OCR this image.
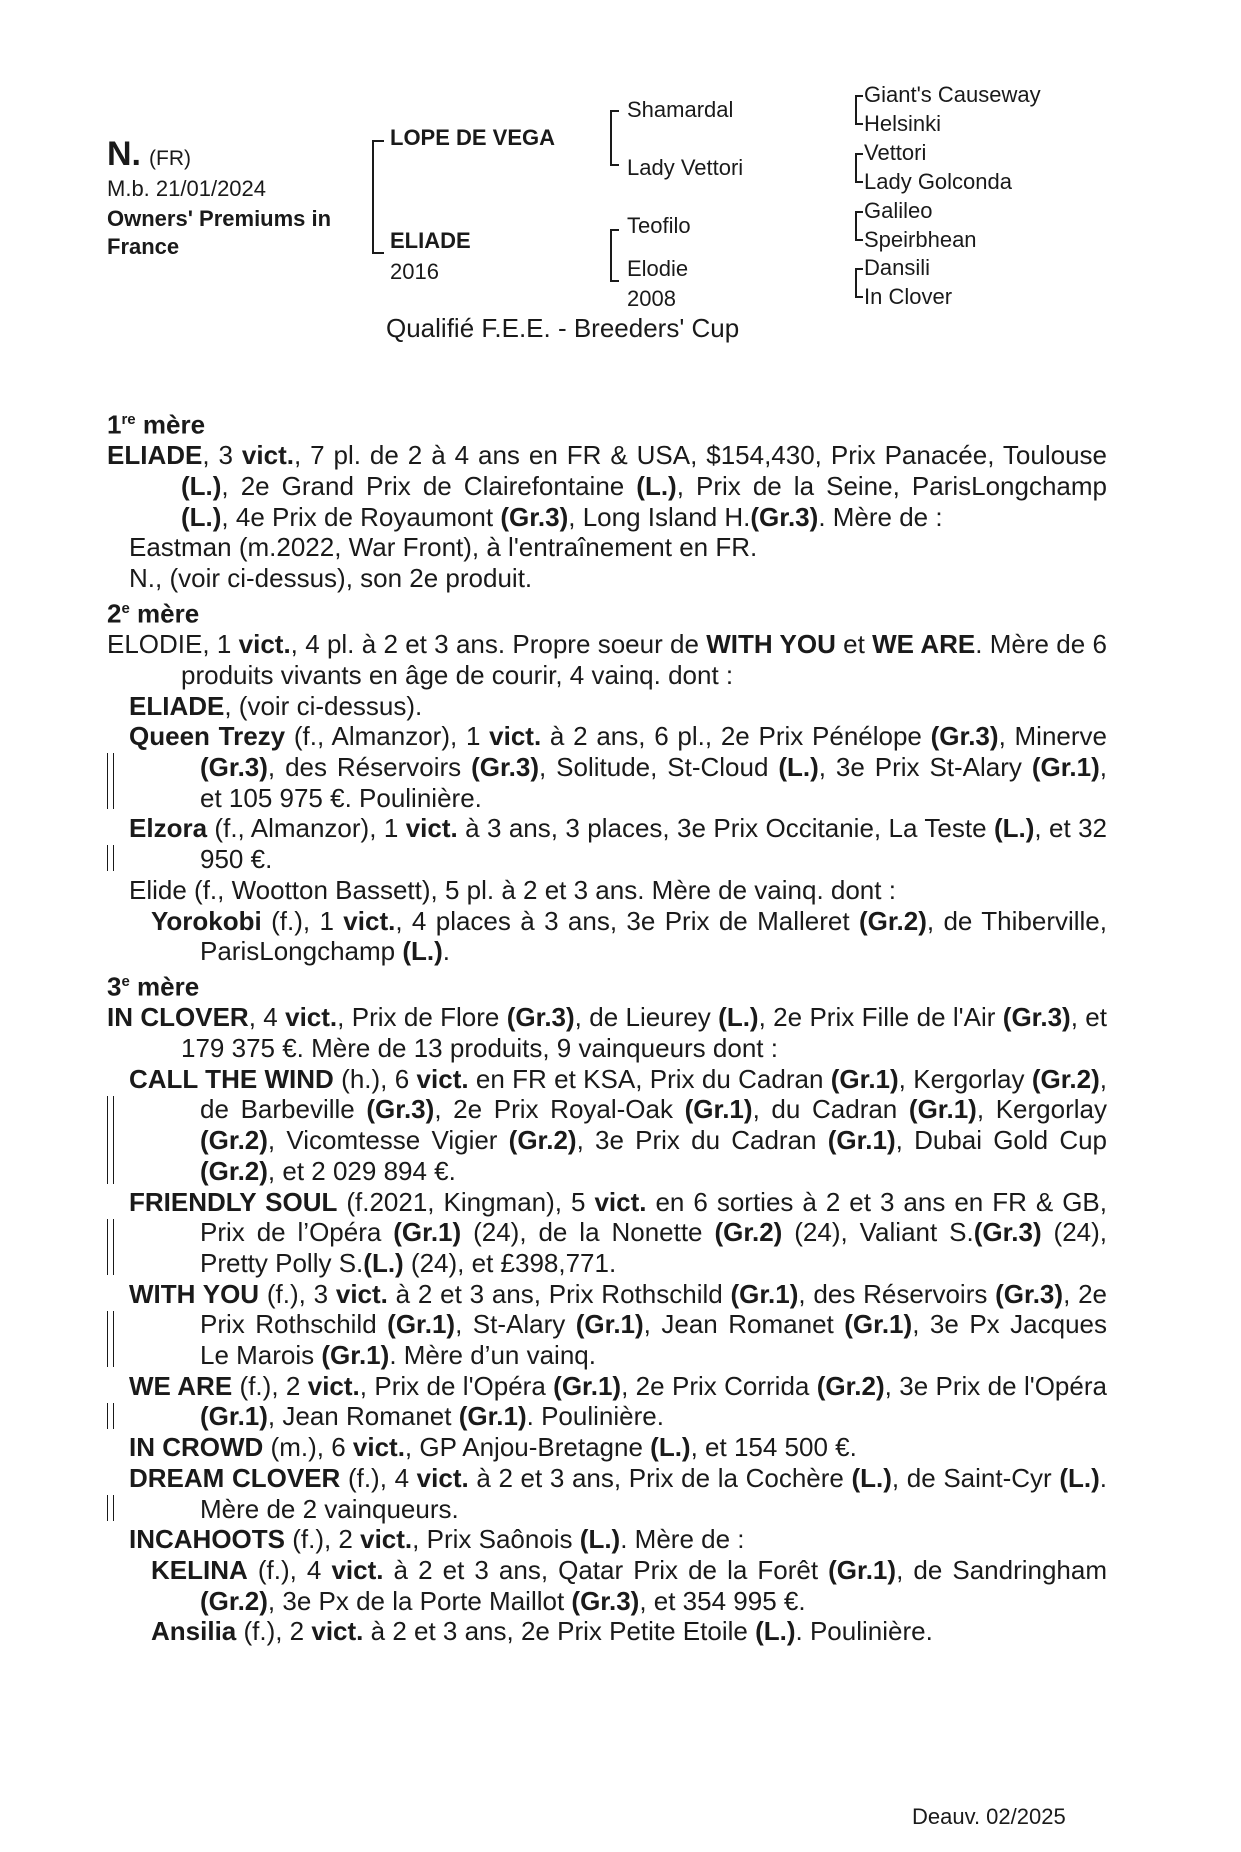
N. (FR)
M.b. 21/01/2024
Owners' Premiums in France
LOPE DE VEGA
ELIADE
2016
Shamardal
Lady Vettori
Teofilo
Elodie
2008
Giant's Causeway
Helsinki
Vettori
Lady Golconda
Galileo
Speirbhean
Dansili
In Clover
Qualifié F.E.E. - Breeders' Cup
1re mère
ELIADE, 3 vict., 7 pl. de 2 à 4 ans en FR & USA, $154,430, Prix Panacée, Toulouse (L.), 2e Grand Prix de Clairefontaine (L.), Prix de la Seine, ParisLongchamp (L.), 4e Prix de Royaumont (Gr.3), Long Island H.(Gr.3). Mère de :
Eastman (m.2022, War Front), à l'entraînement en FR.
N., (voir ci-dessus), son 2e produit.
2e mère
ELODIE, 1 vict., 4 pl. à 2 et 3 ans. Propre soeur de WITH YOU et WE ARE. Mère de 6 produits vivants en âge de courir, 4 vainq. dont :
ELIADE, (voir ci-dessus).
Queen Trezy (f., Almanzor), 1 vict. à 2 ans, 6 pl., 2e Prix Pénélope (Gr.3), Minerve (Gr.3), des Réservoirs (Gr.3), Solitude, St-Cloud (L.), 3e Prix St-Alary (Gr.1), et 105 975 €. Poulinière.
Elzora (f., Almanzor), 1 vict. à 3 ans, 3 places, 3e Prix Occitanie, La Teste (L.), et 32 950 €.
Elide (f., Wootton Bassett), 5 pl. à 2 et 3 ans. Mère de vainq. dont :
Yorokobi (f.), 1 vict., 4 places à 3 ans, 3e Prix de Malleret (Gr.2), de Thiberville, ParisLongchamp (L.).
3e mère
IN CLOVER, 4 vict., Prix de Flore (Gr.3), de Lieurey (L.), 2e Prix Fille de l'Air (Gr.3), et 179 375 €. Mère de 13 produits, 9 vainqueurs dont :
CALL THE WIND (h.), 6 vict. en FR et KSA, Prix du Cadran (Gr.1), Kergorlay (Gr.2), de Barbeville (Gr.3), 2e Prix Royal-Oak (Gr.1), du Cadran (Gr.1), Kergorlay (Gr.2), Vicomtesse Vigier (Gr.2), 3e Prix du Cadran (Gr.1), Dubai Gold Cup (Gr.2), et 2 029 894 €.
FRIENDLY SOUL (f.2021, Kingman), 5 vict. en 6 sorties à 2 et 3 ans en FR & GB, Prix de l’Opéra (Gr.1) (24), de la Nonette (Gr.2) (24), Valiant S.(Gr.3) (24), Pretty Polly S.(L.) (24), et £398,771.
WITH YOU (f.), 3 vict. à 2 et 3 ans, Prix Rothschild (Gr.1), des Réservoirs (Gr.3), 2e Prix Rothschild (Gr.1), St-Alary (Gr.1), Jean Romanet (Gr.1), 3e Px Jacques Le Marois (Gr.1). Mère d’un vainq.
WE ARE (f.), 2 vict., Prix de l'Opéra (Gr.1), 2e Prix Corrida (Gr.2), 3e Prix de l'Opéra (Gr.1), Jean Romanet (Gr.1). Poulinière.
IN CROWD (m.), 6 vict., GP Anjou-Bretagne (L.), et 154 500 €.
DREAM CLOVER (f.), 4 vict. à 2 et 3 ans, Prix de la Cochère (L.), de Saint-Cyr (L.). Mère de 2 vainqueurs.
INCAHOOTS (f.), 2 vict., Prix Saônois (L.). Mère de :
KELINA (f.), 4 vict. à 2 et 3 ans, Qatar Prix de la Forêt (Gr.1), de Sandringham (Gr.2), 3e Px de la Porte Maillot (Gr.3), et 354 995 €.
Ansilia (f.), 2 vict. à 2 et 3 ans, 2e Prix Petite Etoile (L.). Poulinière.
Deauv. 02/2025
